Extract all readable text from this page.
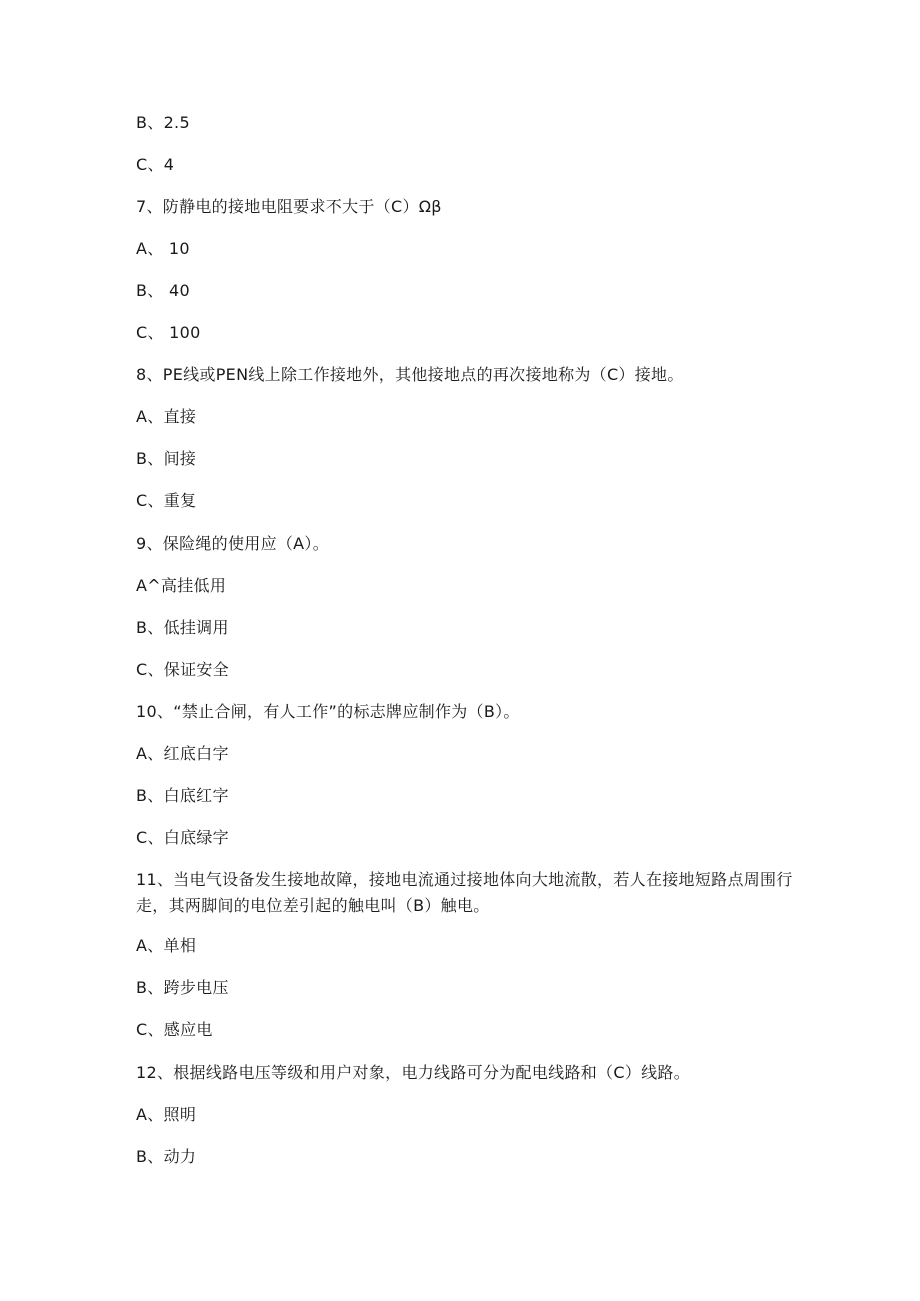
B、2.5
C、4
7、防静电的接地电阻要求不大于（C）Ωβ
A、 10
B、 40
C、 100
8、PE线或PEN线上除工作接地外，其他接地点的再次接地称为（C）接地。
A、直接
B、间接
C、重复
9、保险绳的使用应（A）。
A^高挂低用
B、低挂调用
C、保证安全
10、“禁止合闸，有人工作”的标志牌应制作为（B）。
A、红底白字
B、白底红字
C、白底绿字
11、当电气设备发生接地故障，接地电流通过接地体向大地流散，若人在接地短路点周围行走，其两脚间的电位差引起的触电叫（B）触电。
A、单相
B、跨步电压
C、感应电
12、根据线路电压等级和用户对象，电力线路可分为配电线路和（C）线路。
A、照明
B、动力
